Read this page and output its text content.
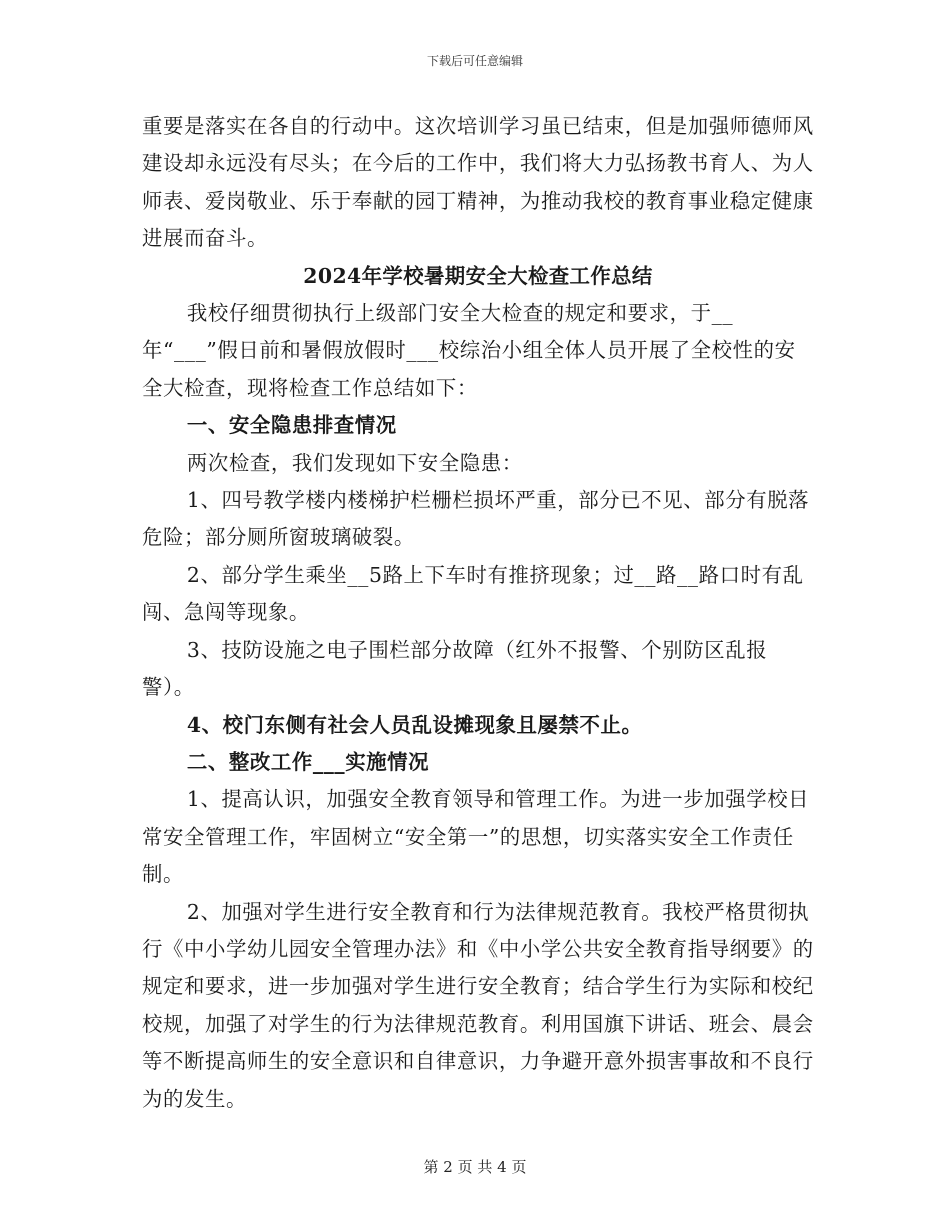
下载后可任意编辑

重要是落实在各自的行动中。这次培训学习虽已结束，但是加强师德师风建设却永远没有尽头；在今后的工作中，我们将大力弘扬教书育人、为人师表、爱岗敬业、乐于奉献的园丁精神，为推动我校的教育事业稳定健康进展而奋斗。

2024年学校暑期安全大检查工作总结

我校仔细贯彻执行上级部门安全大检查的规定和要求，于__年“___”假日前和暑假放假时___校综治小组全体人员开展了全校性的安全大检查，现将检查工作总结如下：

一、安全隐患排查情况

两次检查，我们发现如下安全隐患：

1、四号教学楼内楼梯护栏栅栏损坏严重，部分已不见、部分有脱落危险；部分厕所窗玻璃破裂。

2、部分学生乘坐__5路上下车时有推挤现象；过__路__路口时有乱闯、急闯等现象。

3、技防设施之电子围栏部分故障（红外不报警、个别防区乱报警）。

4、校门东侧有社会人员乱设摊现象且屡禁不止。

二、整改工作___实施情况

1、提高认识，加强安全教育领导和管理工作。为进一步加强学校日常安全管理工作，牢固树立“安全第一”的思想，切实落实安全工作责任制。

2、加强对学生进行安全教育和行为法律规范教育。我校严格贯彻执行《中小学幼儿园安全管理办法》和《中小学公共安全教育指导纲要》的规定和要求，进一步加强对学生进行安全教育；结合学生行为实际和校纪校规，加强了对学生的行为法律规范教育。利用国旗下讲话、班会、晨会等不断提高师生的安全意识和自律意识，力争避开意外损害事故和不良行为的发生。

第 2 页 共 4 页
